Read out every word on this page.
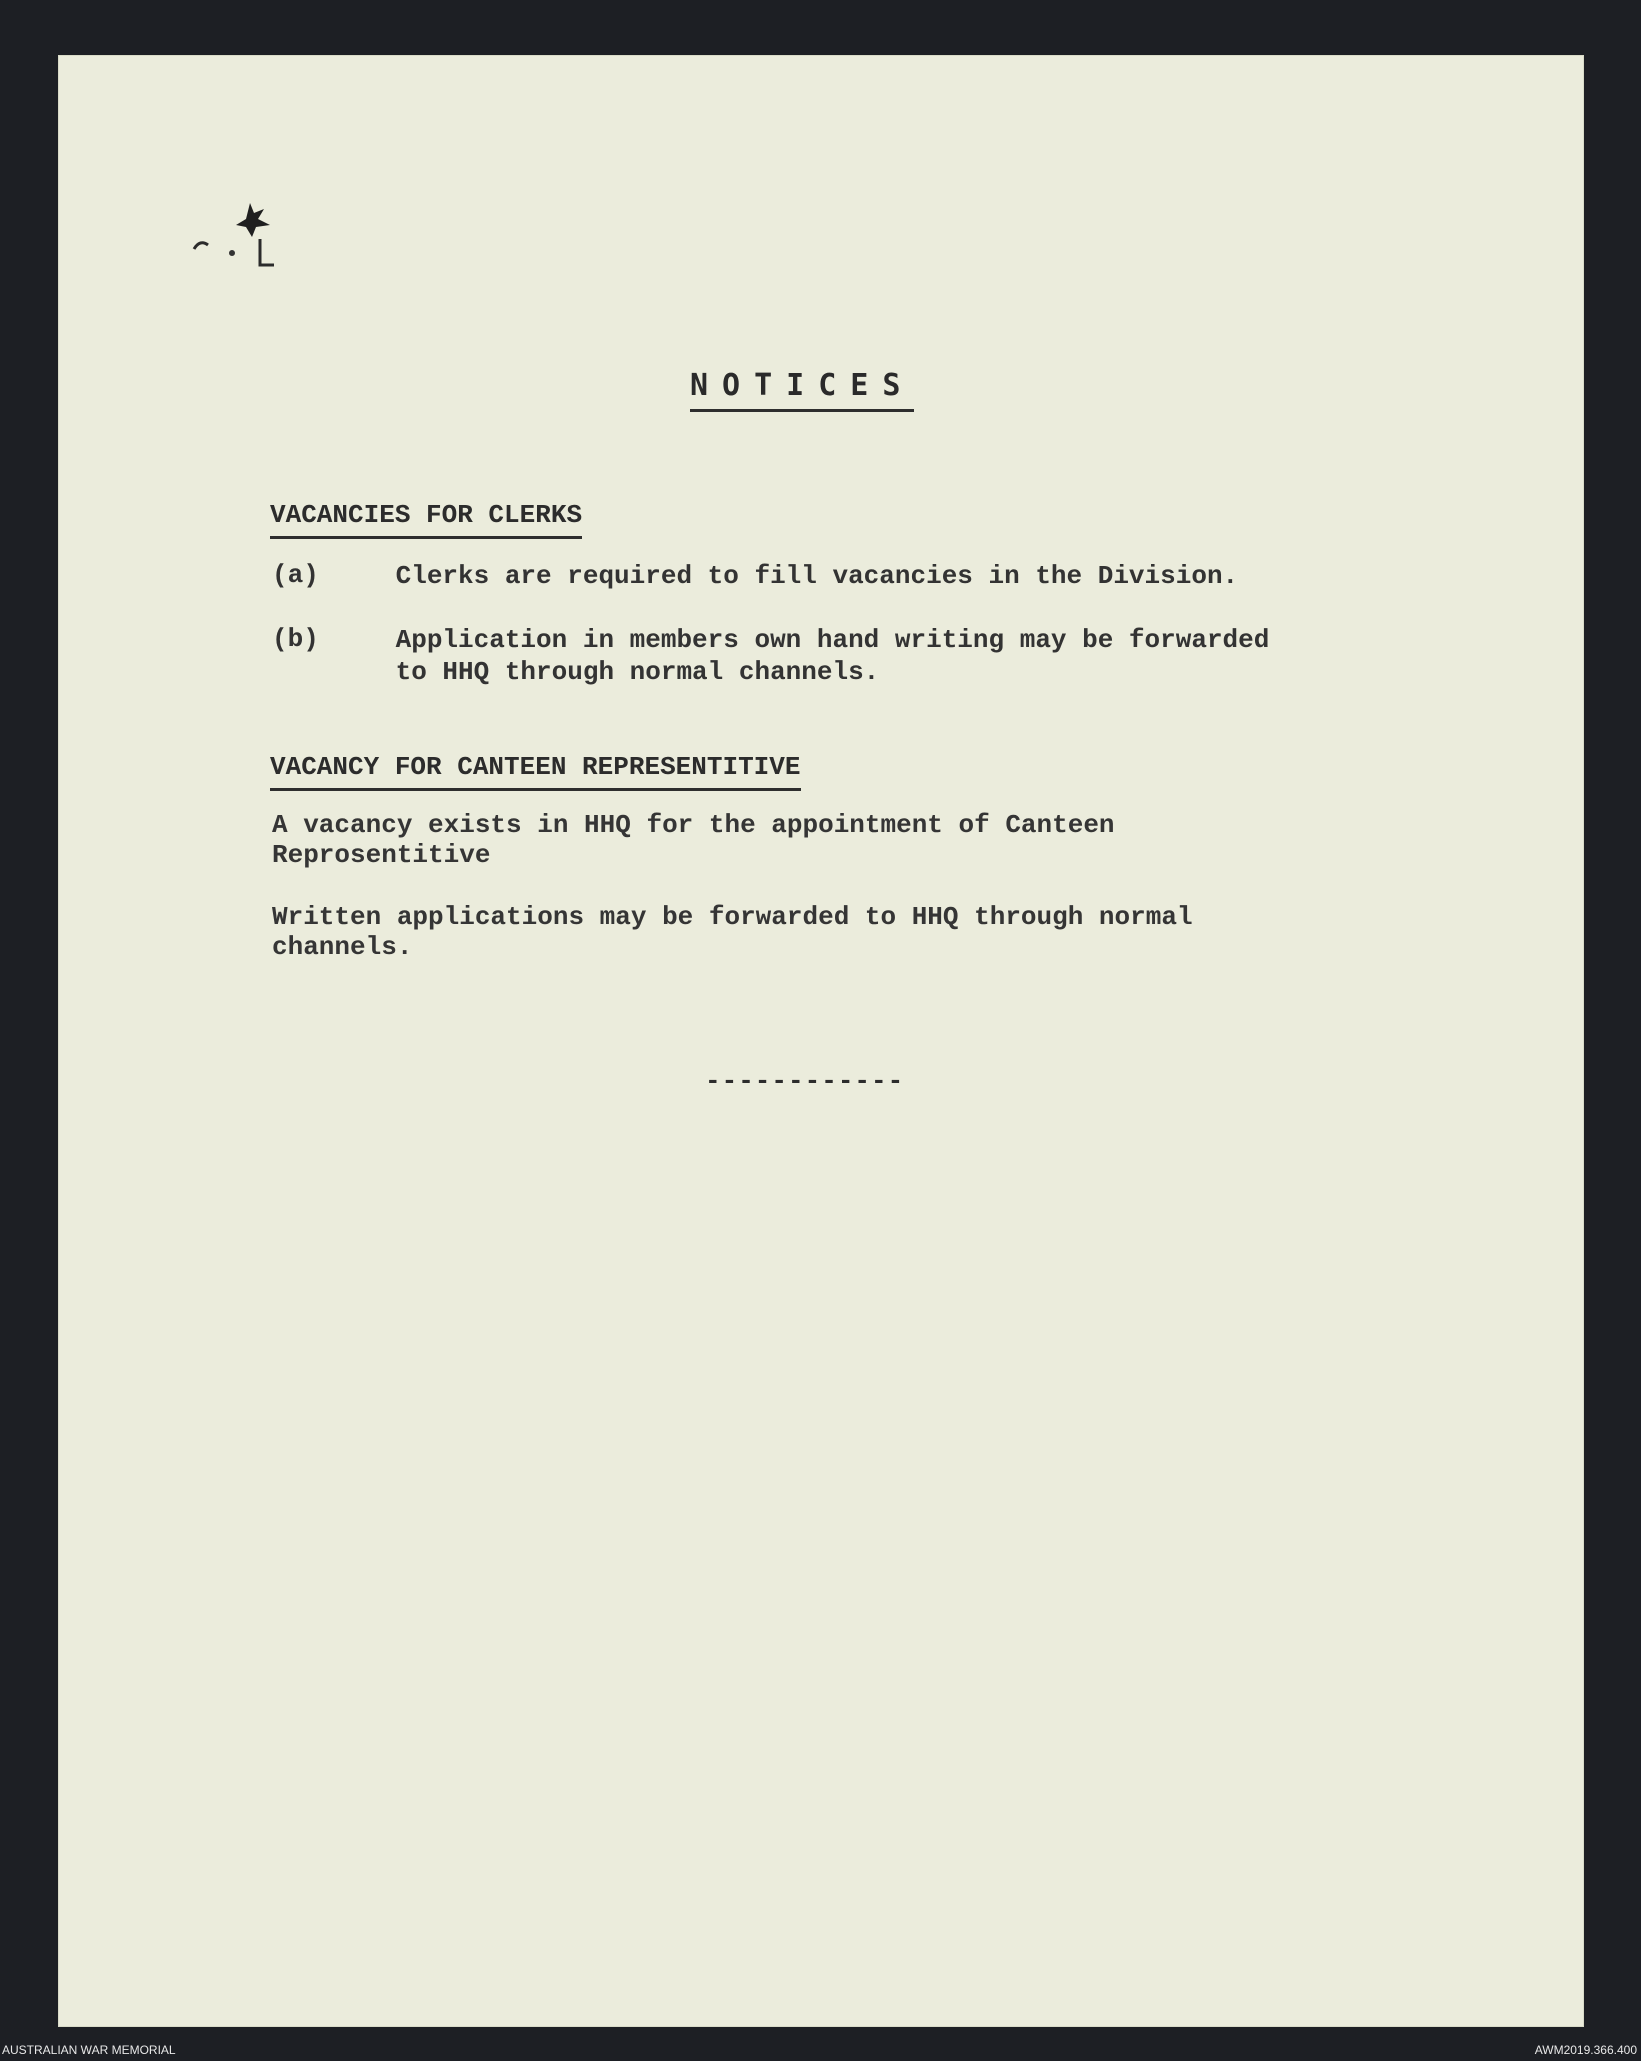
NOTICES
VACANCIES FOR CLERKS
(a)	Clerks are required to fill vacancies in the Division.
(b)	Application in members own hand writing may be forwarded
to HHQ through normal channels.
VACANCY FOR CANTEEN REPRESENTITIVE
A vacancy exists in HHQ for the appointment of Canteen
Reprosentitive
Written applications may be forwarded to HHQ through normal
channels.
------------
AUSTRALIAN WAR MEMORIAL	AWM2019.366.400
